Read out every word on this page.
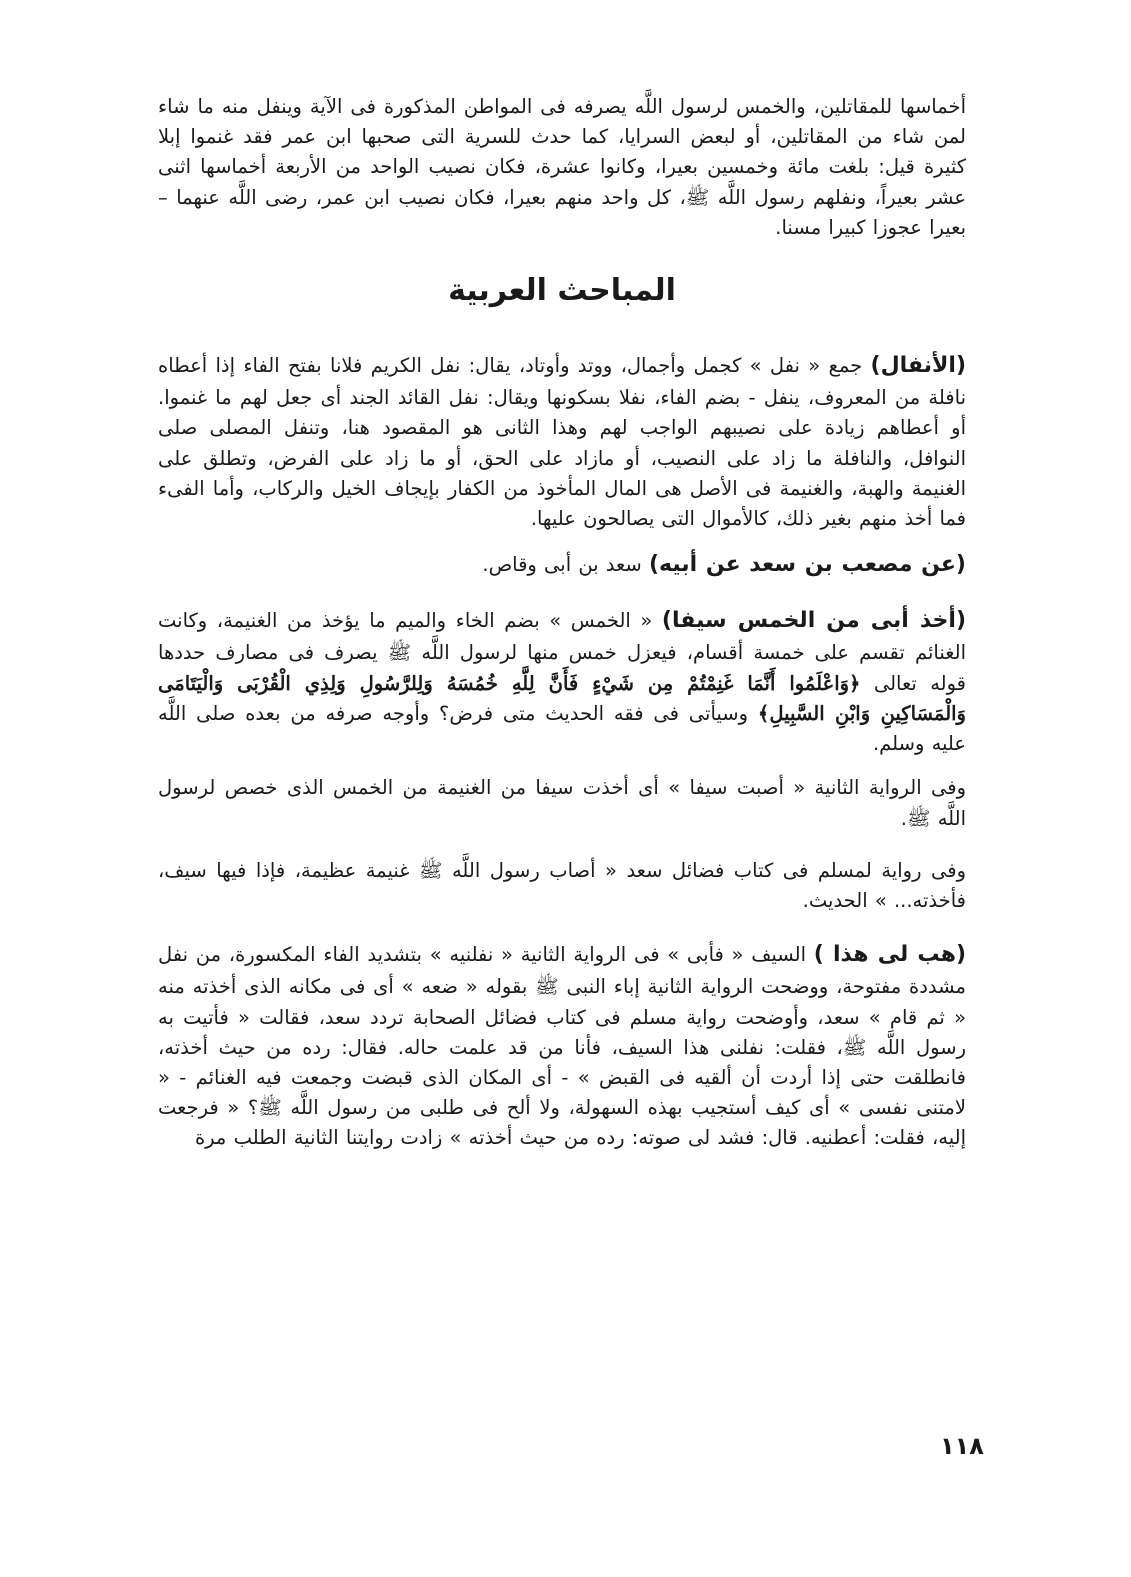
أخماسها للمقاتلين، والخمس لرسول اللَّه يصرفه فى المواطن المذكورة فى الآية وينفل منه ما شاء لمن شاء من المقاتلين، أو لبعض السرايا، كما حدث للسرية التى صحبها ابن عمر فقد غنموا إبلا كثيرة قيل: بلغت مائة وخمسين بعيرا، وكانوا عشرة، فكان نصيب الواحد من الأربعة أخماسها اثنى عشر بعيراً، ونفلهم رسول اللَّه ﷺ، كل واحد منهم بعيرا، فكان نصيب ابن عمر، رضى اللَّه عنهما – بعيرا عجوزا كبيرا مسنا.

المباحث العربية

(الأنفال) جمع « نفل » كجمل وأجمال، ووتد وأوتاد، يقال: نفل الكريم فلانا بفتح الفاء إذا أعطاه نافلة من المعروف، ينفل - بضم الفاء، نفلا بسكونها ويقال: نفل القائد الجند أى جعل لهم ما غنموا. أو أعطاهم زيادة على نصيبهم الواجب لهم وهذا الثانى هو المقصود هنا، وتنفل المصلى صلى النوافل، والنافلة ما زاد على النصيب، أو مازاد على الحق، أو ما زاد على الفرض، وتطلق على الغنيمة والهبة، والغنيمة فى الأصل هى المال المأخوذ من الكفار بإيجاف الخيل والركاب، وأما الفىء فما أخذ منهم بغير ذلك، كالأموال التى يصالحون عليها.

(عن مصعب بن سعد عن أبيه) سعد بن أبى وقاص.

(أخذ أبى من الخمس سيفا) « الخمس » بضم الخاء والميم ما يؤخذ من الغنيمة، وكانت الغنائم تقسم على خمسة أقسام، فيعزل خمس منها لرسول اللَّه ﷺ يصرف فى مصارف حددها قوله تعالى ﴿وَاعْلَمُوا أَنَّمَا غَنِمْتُمْ مِن شَيْءٍ فَأَنَّ لِلَّهِ خُمُسَهُ وَلِلرَّسُولِ وَلِذِي الْقُرْبَى وَالْيَتَامَى وَالْمَسَاكِينِ وَابْنِ السَّبِيلِ﴾ وسيأتى فى فقه الحديث متى فرض؟ وأوجه صرفه من بعده صلى اللَّه عليه وسلم.

وفى الرواية الثانية « أصبت سيفا » أى أخذت سيفا من الغنيمة من الخمس الذى خصص لرسول اللَّه ﷺ.

وفى رواية لمسلم فى كتاب فضائل سعد « أصاب رسول اللَّه ﷺ غنيمة عظيمة، فإذا فيها سيف، فأخذته... » الحديث.

(هب لى هذا ) السيف « فأبى » فى الرواية الثانية « نفلنيه » بتشديد الفاء المكسورة، من نفل مشددة مفتوحة، ووضحت الرواية الثانية إباء النبى ﷺ بقوله « ضعه » أى فى مكانه الذى أخذته منه « ثم قام » سعد، وأوضحت رواية مسلم فى كتاب فضائل الصحابة تردد سعد، فقالت « فأتيت به رسول اللَّه ﷺ، فقلت: نفلنى هذا السيف، فأنا من قد علمت حاله. فقال: رده من حيث أخذته، فانطلقت حتى إذا أردت أن ألقيه فى القبض » - أى المكان الذى قبضت وجمعت فيه الغنائم - « لامتنى نفسى » أى كيف أستجيب بهذه السهولة، ولا ألح فى طلبى من رسول اللَّه ﷺ؟ « فرجعت إليه، فقلت: أعطنيه. قال: فشد لى صوته: رده من حيث أخذته » زادت روايتنا الثانية الطلب مرة

١١٨
